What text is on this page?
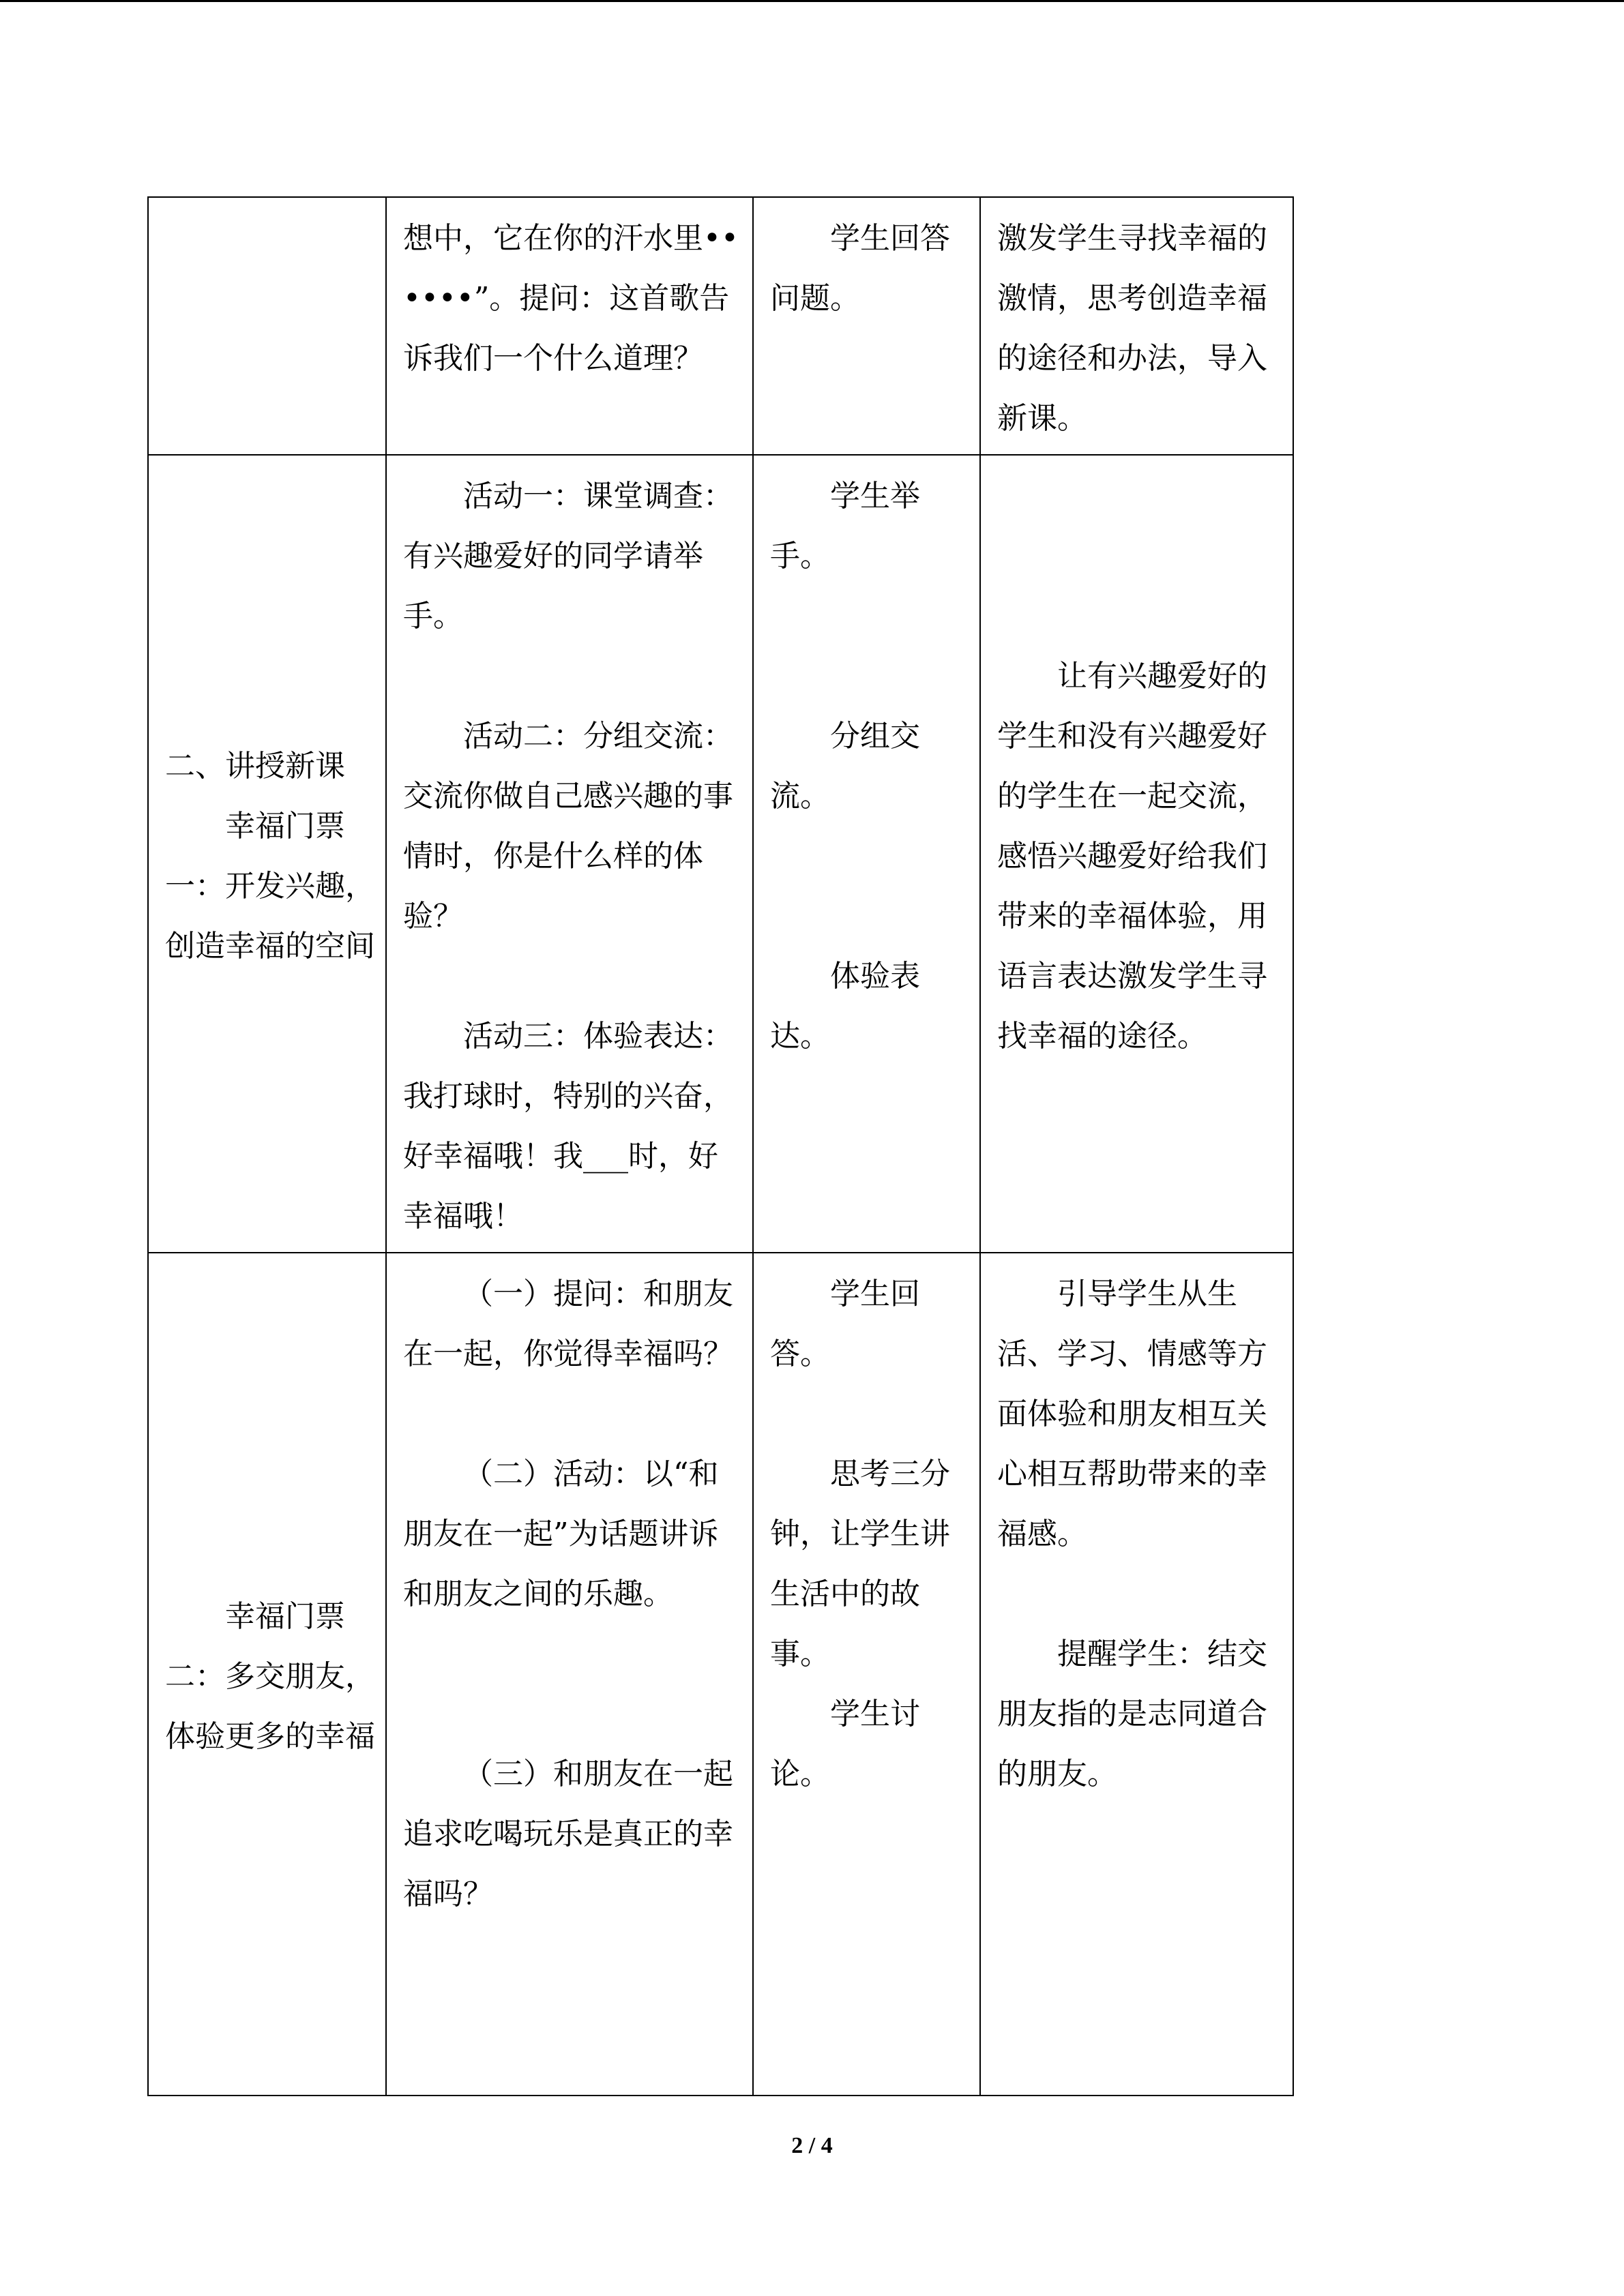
	想中，它在你的汗水里••••••”。提问：这首歌告诉我们一个什么道理？	学生回答问题。	激发学生寻找幸福的激情，思考创造幸福的途径和办法，导入新课。

二、讲授新课
幸福门票一：开发兴趣，创造幸福的空间	活动一：课堂调查：有兴趣爱好的同学请举手。
活动二：分组交流：交流你做自己感兴趣的事情时，你是什么样的体验？
活动三：体验表达：我打球时，特别的兴奋，好幸福哦！我___时，好幸福哦！	学生举手。
分组交流。
体验表达。	让有兴趣爱好的学生和没有兴趣爱好的学生在一起交流，感悟兴趣爱好给我们带来的幸福体验，用语言表达激发学生寻找幸福的途径。

幸福门票二：多交朋友，体验更多的幸福	（一）提问：和朋友在一起，你觉得幸福吗？
（二）活动：以“和朋友在一起”为话题讲诉和朋友之间的乐趣。
（三）和朋友在一起追求吃喝玩乐是真正的幸福吗？	学生回答。
思考三分钟，让学生讲生活中的故事。
学生讨论。	引导学生从生活、学习、情感等方面体验和朋友相互关心相互帮助带来的幸福感。
提醒学生：结交朋友指的是志同道合的朋友。
2 / 4
